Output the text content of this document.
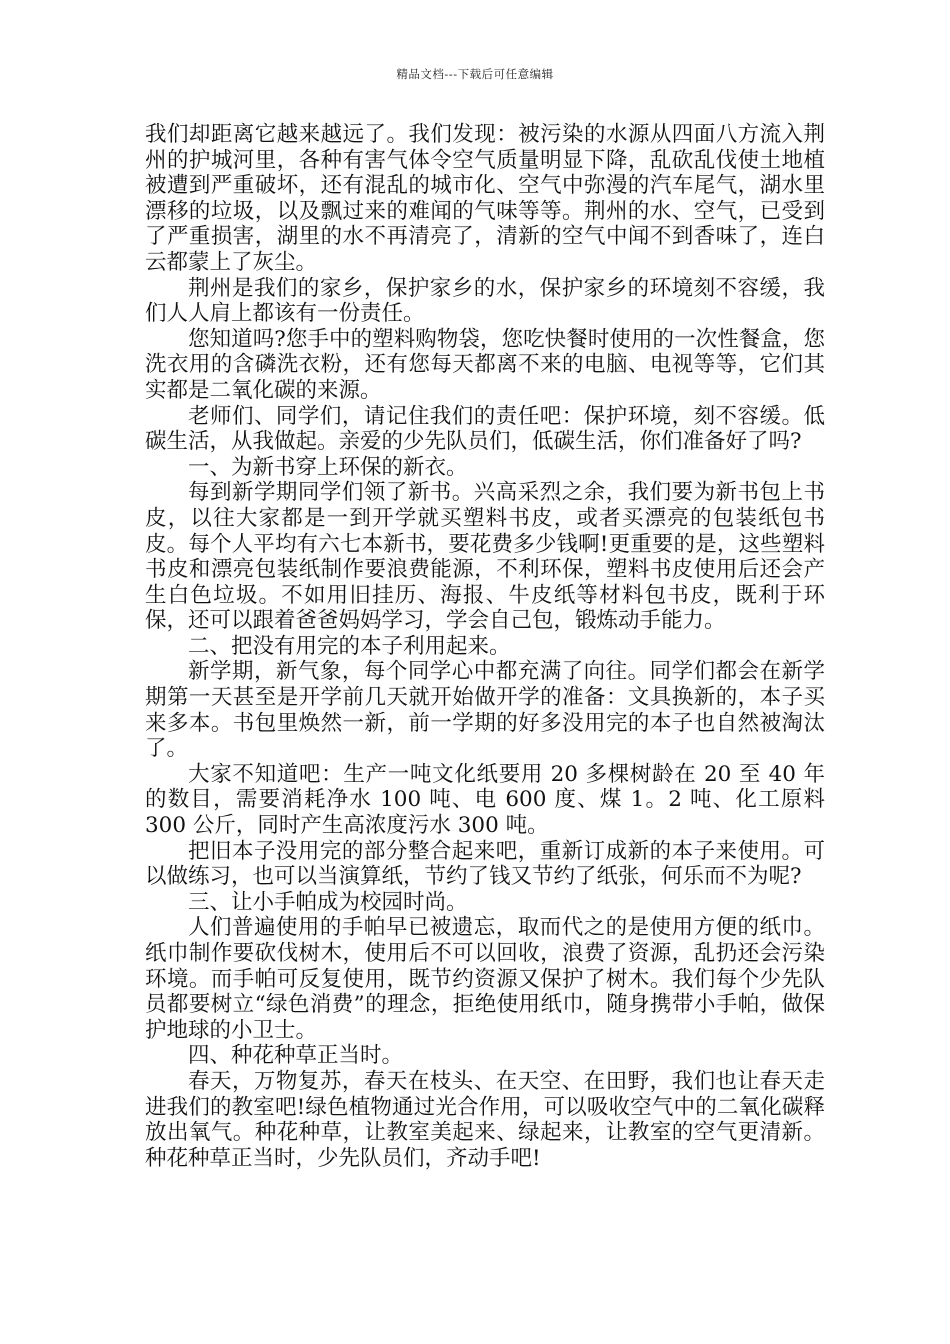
精品文档---下载后可任意编辑

我们却距离它越来越远了。我们发现：被污染的水源从四面八方流入荆州的护城河里，各种有害气体令空气质量明显下降，乱砍乱伐使土地植被遭到严重破坏，还有混乱的城市化、空气中弥漫的汽车尾气，湖水里漂移的垃圾，以及飘过来的难闻的气味等等。荆州的水、空气，已受到了严重损害，湖里的水不再清亮了，清新的空气中闻不到香味了，连白云都蒙上了灰尘。

荆州是我们的家乡，保护家乡的水，保护家乡的环境刻不容缓，我们人人肩上都该有一份责任。

您知道吗?您手中的塑料购物袋，您吃快餐时使用的一次性餐盒，您洗衣用的含磷洗衣粉，还有您每天都离不来的电脑、电视等等，它们其实都是二氧化碳的来源。

老师们、同学们，请记住我们的责任吧：保护环境，刻不容缓。低碳生活，从我做起。亲爱的少先队员们，低碳生活，你们准备好了吗?

一、为新书穿上环保的新衣。

每到新学期同学们领了新书。兴高采烈之余，我们要为新书包上书皮，以往大家都是一到开学就买塑料书皮，或者买漂亮的包装纸包书皮。每个人平均有六七本新书，要花费多少钱啊!更重要的是，这些塑料书皮和漂亮包装纸制作要浪费能源，不利环保，塑料书皮使用后还会产生白色垃圾。不如用旧挂历、海报、牛皮纸等材料包书皮，既利于环保，还可以跟着爸爸妈妈学习，学会自己包，锻炼动手能力。

二、把没有用完的本子利用起来。

新学期，新气象，每个同学心中都充满了向往。同学们都会在新学期第一天甚至是开学前几天就开始做开学的准备：文具换新的，本子买来多本。书包里焕然一新，前一学期的好多没用完的本子也自然被淘汰了。

大家不知道吧：生产一吨文化纸要用 20 多棵树龄在 20 至 40 年的数目，需要消耗净水 100 吨、电 600 度、煤 1。2 吨、化工原料 300 公斤，同时产生高浓度污水 300 吨。

把旧本子没用完的部分整合起来吧，重新订成新的本子来使用。可以做练习，也可以当演算纸，节约了钱又节约了纸张，何乐而不为呢?

三、让小手帕成为校园时尚。

人们普遍使用的手帕早已被遗忘，取而代之的是使用方便的纸巾。纸巾制作要砍伐树木，使用后不可以回收，浪费了资源，乱扔还会污染环境。而手帕可反复使用，既节约资源又保护了树木。我们每个少先队员都要树立“绿色消费”的理念，拒绝使用纸巾，随身携带小手帕，做保护地球的小卫士。

四、种花种草正当时。

春天，万物复苏，春天在枝头、在天空、在田野，我们也让春天走进我们的教室吧!绿色植物通过光合作用，可以吸收空气中的二氧化碳释放出氧气。种花种草，让教室美起来、绿起来，让教室的空气更清新。种花种草正当时，少先队员们，齐动手吧!
